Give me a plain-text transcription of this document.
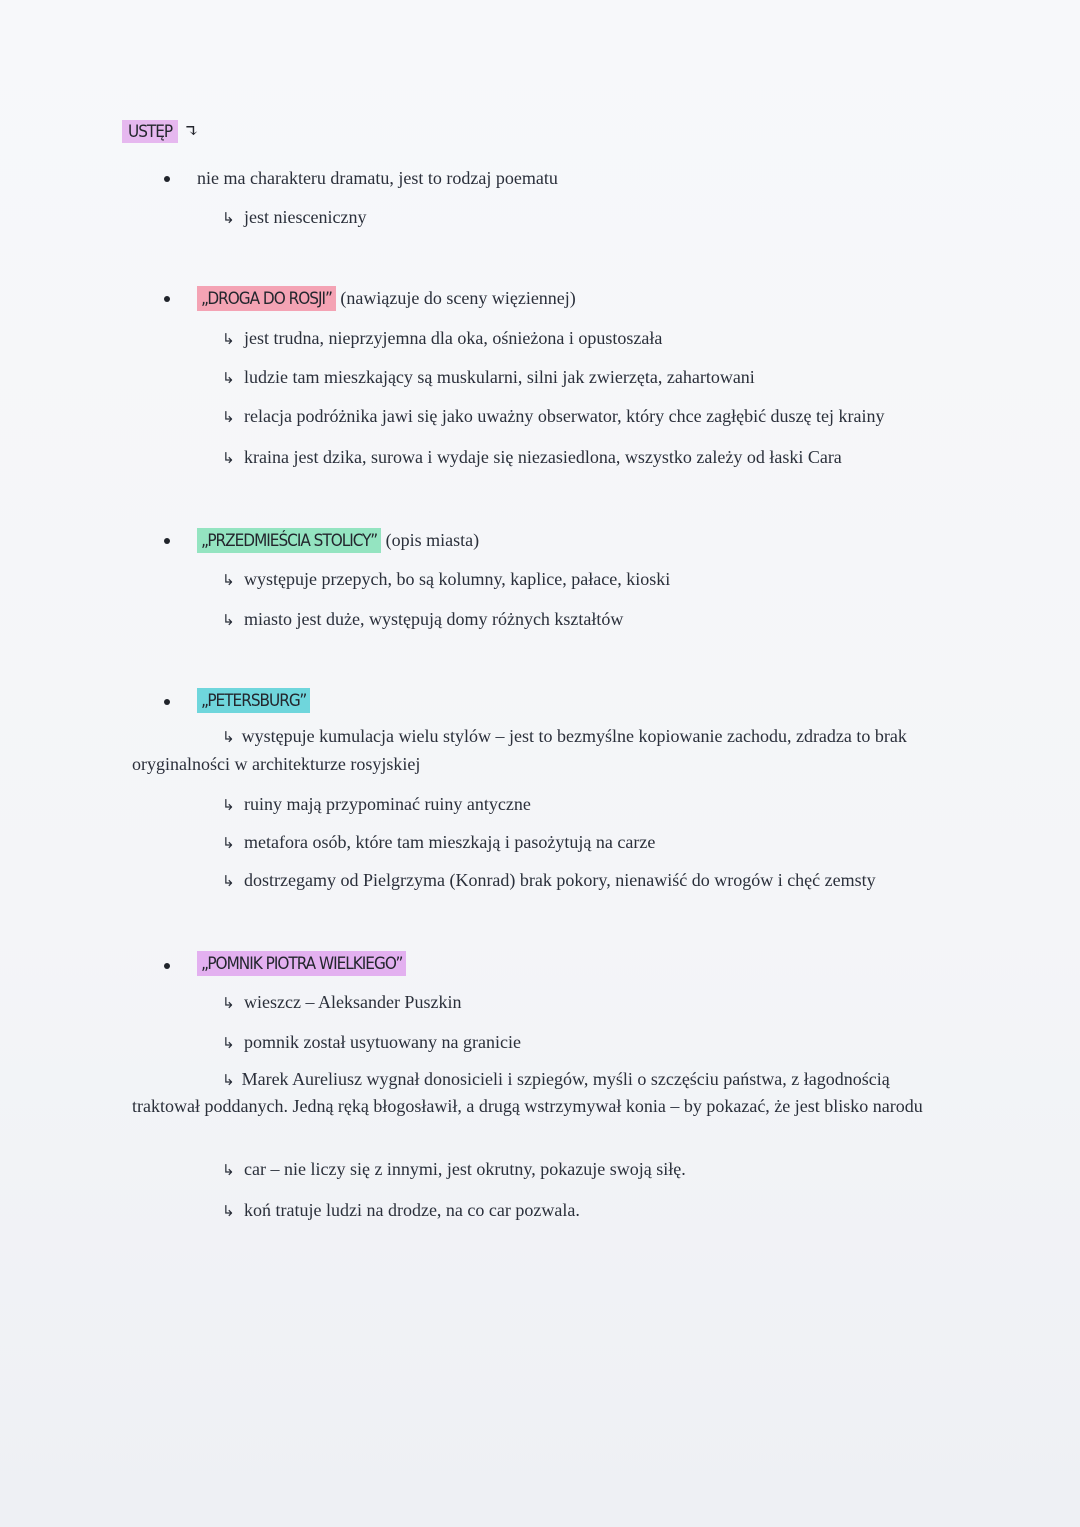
USTĘP ↴
nie ma charakteru dramatu, jest to rodzaj poematu
↳ jest niesceniczny
„DROGA DO ROSJI” (nawiązuje do sceny więziennej)
↳ jest trudna, nieprzyjemna dla oka, ośnieżona i opustoszała
↳ ludzie tam mieszkający są muskularni, silni jak zwierzęta, zahartowani
↳ relacja podróżnika jawi się jako uważny obserwator, który chce zagłębić duszę tej krainy
↳ kraina jest dzika, surowa i wydaje się niezasiedlona, wszystko zależy od łaski Cara
„PRZEDMIEŚCIA STOLICY” (opis miasta)
↳ występuje przepych, bo są kolumny, kaplice, pałace, kioski
↳ miasto jest duże, występują domy różnych kształtów
„PETERSBURG”
↳ występuje kumulacja wielu stylów – jest to bezmyślne kopiowanie zachodu, zdradza to brak oryginalności w architekturze rosyjskiej
↳ ruiny mają przypominać ruiny antyczne
↳ metafora osób, które tam mieszkają i pasożytują na carze
↳ dostrzegamy od Pielgrzyma (Konrad) brak pokory, nienawiść do wrogów i chęć zemsty
„POMNIK PIOTRA WIELKIEGO”
↳ wieszcz – Aleksander Puszkin
↳ pomnik został usytuowany na granicie
↳ Marek Aureliusz wygnał donosicieli i szpiegów, myśli o szczęściu państwa, z łagodnością traktował poddanych. Jedną ręką błogosławił, a drugą wstrzymywał konia – by pokazać, że jest blisko narodu
↳ car – nie liczy się z innymi, jest okrutny, pokazuje swoją siłę.
↳ koń tratuje ludzi na drodze, na co car pozwala.
